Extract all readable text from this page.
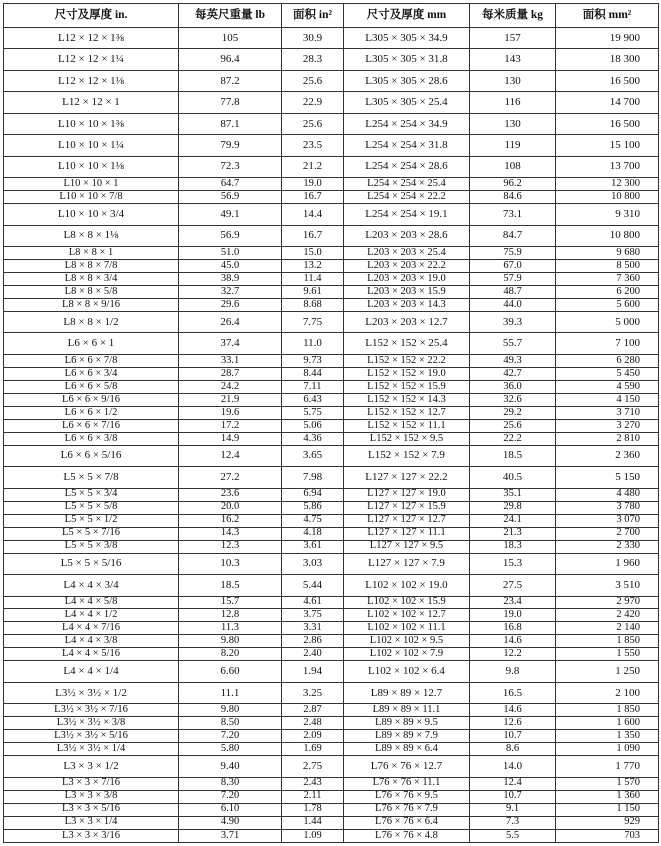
尺寸及厚度 in.	每英尺重量 lb	面积 in²	尺寸及厚度 mm	每米质量 kg	面积 mm²
L12 × 12 × 1⅜	105	30.9	L305 × 305 × 34.9	157	19 900
L12 × 12 × 1¼	96.4	28.3	L305 × 305 × 31.8	143	18 300
L12 × 12 × 1⅛	87.2	25.6	L305 × 305 × 28.6	130	16 500
L12 × 12 × 1	77.8	22.9	L305 × 305 × 25.4	116	14 700
L10 × 10 × 1⅜	87.1	25.6	L254 × 254 × 34.9	130	16 500
L10 × 10 × 1¼	79.9	23.5	L254 × 254 × 31.8	119	15 100
L10 × 10 × 1⅛	72.3	21.2	L254 × 254 × 28.6	108	13 700
L10 × 10 × 1	64.7	19.0	L254 × 254 × 25.4	96.2	12 300
L10 × 10 × 7/8	56.9	16.7	L254 × 254 × 22.2	84.6	10 800
L10 × 10 × 3/4	49.1	14.4	L254 × 254 × 19.1	73.1	9 310
L8 × 8 × 1⅛	56.9	16.7	L203 × 203 × 28.6	84.7	10 800
L8 × 8 × 1	51.0	15.0	L203 × 203 × 25.4	75.9	9 680
L8 × 8 × 7/8	45.0	13.2	L203 × 203 × 22.2	67.0	8 500
L8 × 8 × 3/4	38.9	11.4	L203 × 203 × 19.0	57.9	7 360
L8 × 8 × 5/8	32.7	9.61	L203 × 203 × 15.9	48.7	6 200
L8 × 8 × 9/16	29.6	8.68	L203 × 203 × 14.3	44.0	5 600
L8 × 8 × 1/2	26.4	7.75	L203 × 203 × 12.7	39.3	5 000
L6 × 6 × 1	37.4	11.0	L152 × 152 × 25.4	55.7	7 100
L6 × 6 × 7/8	33.1	9.73	L152 × 152 × 22.2	49.3	6 280
L6 × 6 × 3/4	28.7	8.44	L152 × 152 × 19.0	42.7	5 450
L6 × 6 × 5/8	24.2	7.11	L152 × 152 × 15.9	36.0	4 590
L6 × 6 × 9/16	21.9	6.43	L152 × 152 × 14.3	32.6	4 150
L6 × 6 × 1/2	19.6	5.75	L152 × 152 × 12.7	29.2	3 710
L6 × 6 × 7/16	17.2	5.06	L152 × 152 × 11.1	25.6	3 270
L6 × 6 × 3/8	14.9	4.36	L152 × 152 × 9.5	22.2	2 810
L6 × 6 × 5/16	12.4	3.65	L152 × 152 × 7.9	18.5	2 360
L5 × 5 × 7/8	27.2	7.98	L127 × 127 × 22.2	40.5	5 150
L5 × 5 × 3/4	23.6	6.94	L127 × 127 × 19.0	35.1	4 480
L5 × 5 × 5/8	20.0	5.86	L127 × 127 × 15.9	29.8	3 780
L5 × 5 × 1/2	16.2	4.75	L127 × 127 × 12.7	24.1	3 070
L5 × 5 × 7/16	14.3	4.18	L127 × 127 × 11.1	21.3	2 700
L5 × 5 × 3/8	12.3	3.61	L127 × 127 × 9.5	18.3	2 330
L5 × 5 × 5/16	10.3	3.03	L127 × 127 × 7.9	15.3	1 960
L4 × 4 × 3/4	18.5	5.44	L102 × 102 × 19.0	27.5	3 510
L4 × 4 × 5/8	15.7	4.61	L102 × 102 × 15.9	23.4	2 970
L4 × 4 × 1/2	12.8	3.75	L102 × 102 × 12.7	19.0	2 420
L4 × 4 × 7/16	11.3	3.31	L102 × 102 × 11.1	16.8	2 140
L4 × 4 × 3/8	9.80	2.86	L102 × 102 × 9.5	14.6	1 850
L4 × 4 × 5/16	8.20	2.40	L102 × 102 × 7.9	12.2	1 550
L4 × 4 × 1/4	6.60	1.94	L102 × 102 × 6.4	9.8	1 250
L3½ × 3½ × 1/2	11.1	3.25	L89 × 89 × 12.7	16.5	2 100
L3½ × 3½ × 7/16	9.80	2.87	L89 × 89 × 11.1	14.6	1 850
L3½ × 3½ × 3/8	8.50	2.48	L89 × 89 × 9.5	12.6	1 600
L3½ × 3½ × 5/16	7.20	2.09	L89 × 89 × 7.9	10.7	1 350
L3½ × 3½ × 1/4	5.80	1.69	L89 × 89 × 6.4	8.6	1 090
L3 × 3 × 1/2	9.40	2.75	L76 × 76 × 12.7	14.0	1 770
L3 × 3 × 7/16	8.30	2.43	L76 × 76 × 11.1	12.4	1 570
L3 × 3 × 3/8	7.20	2.11	L76 × 76 × 9.5	10.7	1 360
L3 × 3 × 5/16	6.10	1.78	L76 × 76 × 7.9	9.1	1 150
L3 × 3 × 1/4	4.90	1.44	L76 × 76 × 6.4	7.3	929
L3 × 3 × 3/16	3.71	1.09	L76 × 76 × 4.8	5.5	703
